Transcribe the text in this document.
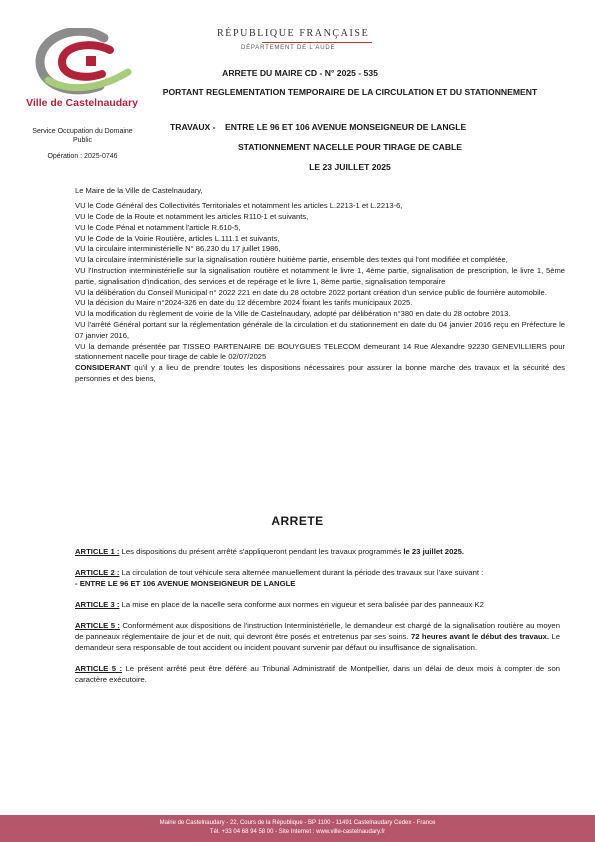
Ville de Castelnaudary
Service Occupation du Domaine Public
Opération : 2025-0746
RÉPUBLIQUE FRANÇAISE
DÉPARTEMENT DE L'AUDE
ARRETE DU MAIRE CD - N° 2025 - 535
PORTANT REGLEMENTATION TEMPORAIRE DE LA CIRCULATION ET DU STATIONNEMENT
TRAVAUX -    ENTRE LE 96 ET 106 AVENUE MONSEIGNEUR DE LANGLE
STATIONNEMENT NACELLE POUR TIRAGE DE CABLE
LE 23 JUILLET 2025

Le Maire de la Ville de Castelnaudary,

VU le Code Général des Collectivités Territoriales et notamment les articles L.2213-1 et L.2213-6,

VU le Code de la Route et notamment les articles R110-1 et suivants,

VU le Code Pénal et notamment l'article R.610-5,

VU le Code de la Voirie Routière, articles L.111.1 et suivants,

VU la circulaire interministérielle N° 86.230 du 17 juillet 1986,

VU la circulaire interministérielle sur la signalisation routière huitième partie, ensemble des textes qui l'ont modifiée et complétée,

VU l'Instruction interministérielle sur la signalisation routière et notamment le livre 1, 4ème partie, signalisation de prescription, le livre 1, 5ème partie, signalisation d'indication, des services et de repérage et le livre 1, 8ème partie, signalisation temporaire

VU la délibération du Conseil Municipal n° 2022 221 en date du 28 octobre 2022 portant création d'un service public de fourrière automobile.

VU la décision du Maire n°2024-326 en date du 12 décembre 2024 fixant les tarifs municipaux 2025.

VU la modification du règlement de voirie de la Ville de Castelnaudary, adopté par délibération n°380 en date du 28 octobre 2013.

VU l'arrêté Général portant sur la réglementation générale de la circulation et du stationnement en date du 04 janvier 2016 reçu en Préfecture le 07 janvier 2016,

VU la demande présentée par TISSEO PARTENAIRE DE BOUYGUES TELECOM demeurant 14 Rue Alexandre 92230 GENEVILLIERS pour stationnement nacelle pour tirage de cable le 02/07/2025

CONSIDERANT qu'il y a lieu de prendre toutes les dispositions nécessaires pour assurer la bonne marche des travaux et la sécurité des personnes et des biens,

ARRETE

ARTICLE 1 : Les dispositions du présent arrêté s'appliqueront pendant les travaux programmés le 23 juillet 2025.

ARTICLE 2 : La circulation de tout véhicule sera alternée manuellement durant la période des travaux sur l'axe suivant :
- ENTRE LE 96 ET 106 AVENUE MONSEIGNEUR DE LANGLE

ARTICLE 3 : La mise en place de la nacelle sera conforme aux normes en vigueur et sera balisée par des panneaux K2

ARTICLE 5 : Conformément aux dispositions de l'instruction Interministérielle, le demandeur est chargé de la signalisation routière au moyen de panneaux réglementaire de jour et de nuit, qui devront être posés et entretenus par ses soins. 72 heures avant le début des travaux. Le demandeur sera responsable de tout accident ou incident pouvant survenir par défaut ou insuffisance de signalisation.

ARTICLE 5 : Le présent arrêté peut être déféré au Tribunal Administratif de Montpellier, dans un délai de deux mois à compter de son caractère exécutoire.

Mairie de Castelnaudary - 22, Cours de la République - BP 1100 - 11491 Castelnaudary Cedex - France
Tél. +33 04 68 94 58 00 - Site Internet : www.ville-castelnaudary.fr
